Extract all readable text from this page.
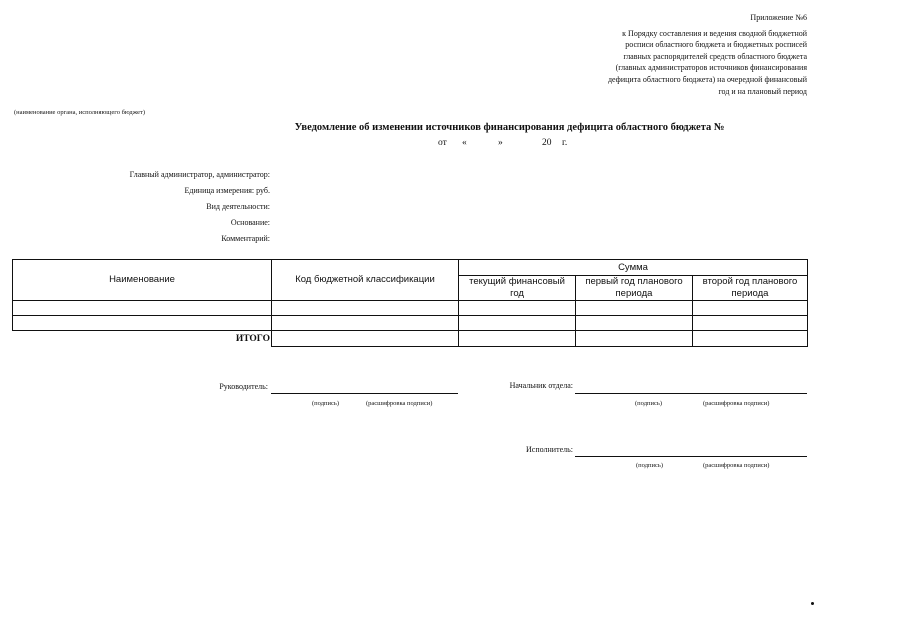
Приложение №6
к Порядку составления и ведения сводной бюджетной
росписи областного бюджета и бюджетных росписей
главных распорядителей средств областного бюджета
(главных администраторов источников финансирования
дефицита областного бюджета) на очередной финансовый
год и на плановый период
(наименование органа, исполняющего бюджет)
Уведомление об изменении источников финансирования дефицита областного бюджета №
от «	»	20 г.
Главный администратор, администратор:
Единица измерения: руб.
Вид деятельности:
Основание:
Комментарий:
Наименование	Код бюджетной классификации	Сумма		
		текущий финансовый год	первый год планового периода	второй год планового периода

ИТОГО				
Руководитель:
(подпись)	(расшифровка подписи)
Начальник отдела:
(подпись)	(расшифровка подписи)
Исполнитель:
(подпись)	(расшифровка подписи)
